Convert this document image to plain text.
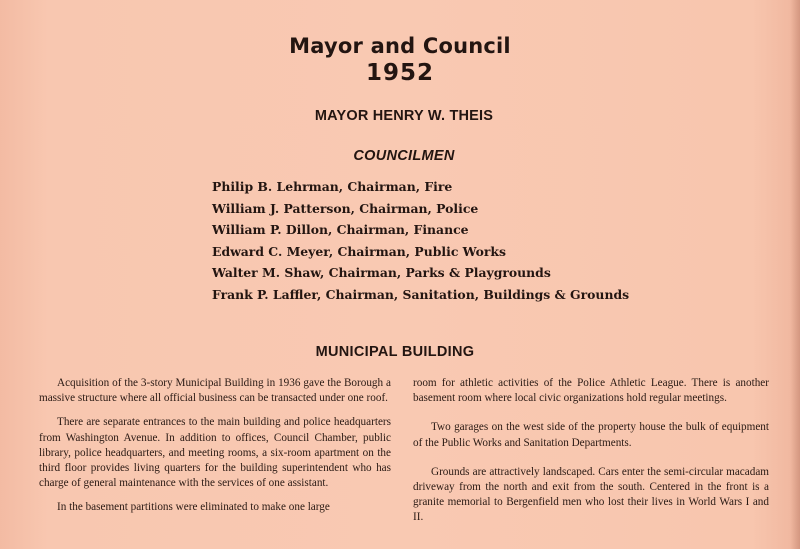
Mayor and Council
1952
MAYOR HENRY W. THEIS
COUNCILMEN
Philip B. Lehrman, Chairman, Fire
William J. Patterson, Chairman, Police
William P. Dillon, Chairman, Finance
Edward C. Meyer, Chairman, Public Works
Walter M. Shaw, Chairman, Parks & Playgrounds
Frank P. Laffler, Chairman, Sanitation, Buildings & Grounds
MUNICIPAL BUILDING

Acquisition of the 3-story Municipal Building in 1936 gave the Borough a massive structure where all official business can be transacted under one roof.

There are separate entrances to the main building and police headquarters from Washington Avenue. In addition to offices, Council Chamber, public library, police headquarters, and meeting rooms, a six-room apartment on the third floor provides living quarters for the building superintendent who has charge of general maintenance with the services of one assistant.

In the basement partitions were eliminated to make one large

room for athletic activities of the Police Athletic League. There is another basement room where local civic organizations hold regular meetings.

Two garages on the west side of the property house the bulk of equipment of the Public Works and Sanitation Departments.

Grounds are attractively landscaped. Cars enter the semi-circular macadam driveway from the north and exit from the south. Centered in the front is a granite memorial to Bergenfield men who lost their lives in World Wars I and II.
